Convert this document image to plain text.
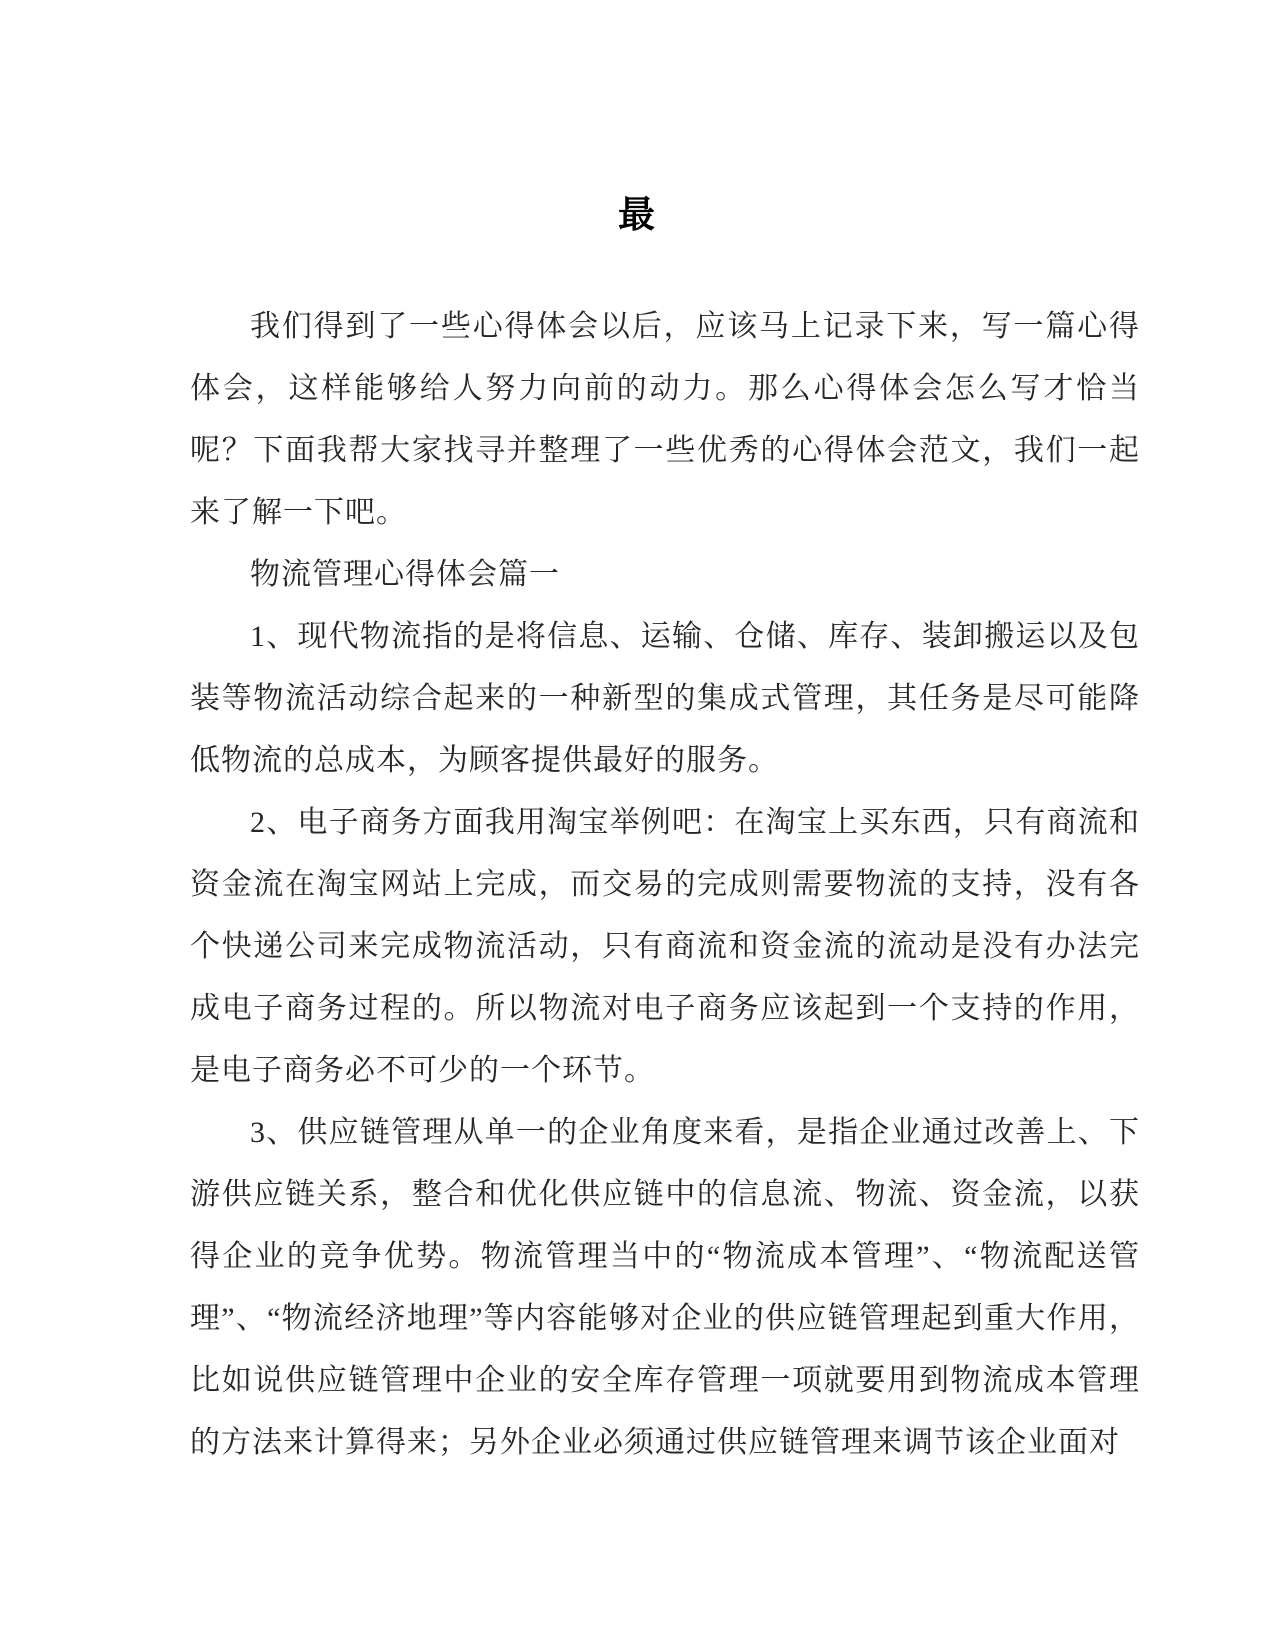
最

我们得到了一些心得体会以后，应该马上记录下来，写一篇心得体会，这样能够给人努力向前的动力。那么心得体会怎么写才恰当呢？下面我帮大家找寻并整理了一些优秀的心得体会范文，我们一起来了解一下吧。

物流管理心得体会篇一

1、现代物流指的是将信息、运输、仓储、库存、装卸搬运以及包装等物流活动综合起来的一种新型的集成式管理，其任务是尽可能降低物流的总成本，为顾客提供最好的服务。

2、电子商务方面我用淘宝举例吧：在淘宝上买东西，只有商流和资金流在淘宝网站上完成，而交易的完成则需要物流的支持，没有各个快递公司来完成物流活动，只有商流和资金流的流动是没有办法完成电子商务过程的。所以物流对电子商务应该起到一个支持的作用，是电子商务必不可少的一个环节。

3、供应链管理从单一的企业角度来看，是指企业通过改善上、下游供应链关系，整合和优化供应链中的信息流、物流、资金流，以获得企业的竞争优势。物流管理当中的“物流成本管理”、“物流配送管理”、“物流经济地理”等内容能够对企业的供应链管理起到重大作用，比如说供应链管理中企业的安全库存管理一项就要用到物流成本管理的方法来计算得来；另外企业必须通过供应链管理来调节该企业面对
